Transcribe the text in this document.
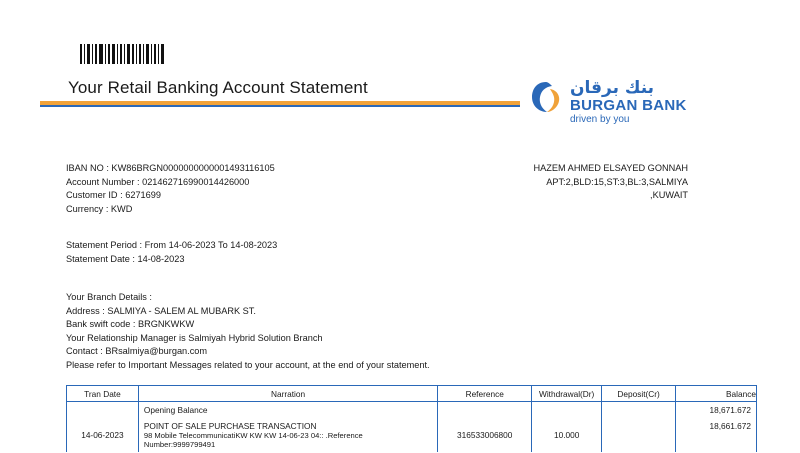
Your Retail Banking Account Statement	بنك برقان
BURGAN BANK
driven by you
IBAN NO : KW86BRGN0000000000001493116105
Account Number : 02146271699001442600​0
Customer ID : 6271699
Currency : KWD
HAZEM AHMED ELSAYED GONNAH
APT:2,BLD:15,ST:3,BL:3,SALMIYA
,KUWAIT
Statement Period : From 14-06-2023 To 14-08-2023
Statement Date : 14-08-2023
Your Branch Details :
Address : SALMIYA - SALEM AL MUBARK ST.
Bank swift code : BRGNKWKW
Your Relationship Manager is Salmiyah Hybrid Solution Branch
Contact : BRsalmiya@burgan.com
Please refer to Important Messages related to your account, at the end of your statement.
Tran Date	Narration	Reference	Withdrawal(Dr)	Deposit(Cr)	Balance
	Opening Balance				18,671.672
14-06-2023	POINT OF SALE PURCHASE TRANSACTION
98 Mobile TelecommunicatiKW KW KW 14-06-23 04:: .Reference Number:9999799491	316533006800	10.000		18,661.672
